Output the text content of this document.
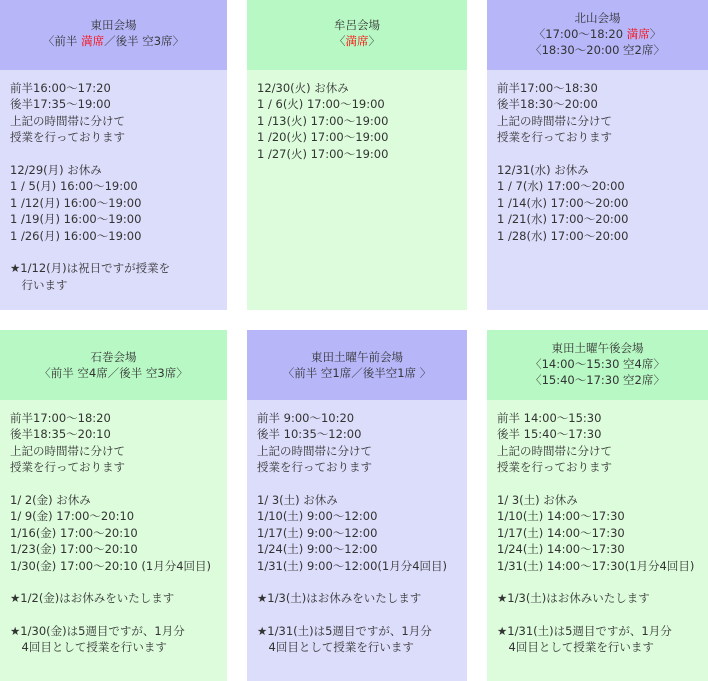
東田会場
〈前半 満席／後半 空3席〉
前半16:00～17:20
後半17:35～19:00
上記の時間帯に分けて
授業を行っております
12/29(月) お休み
1 / 5(月) 16:00～19:00
1 /12(月) 16:00～19:00
1 /19(月) 16:00～19:00
1 /26(月) 16:00～19:00
★1/12(月)は祝日ですが授業を
　行います
牟呂会場
〈満席〉
12/30(火) お休み
1 / 6(火) 17:00～19:00
1 /13(火) 17:00～19:00
1 /20(火) 17:00～19:00
1 /27(火) 17:00～19:00
北山会場
〈17:00～18:20 満席〉
〈18:30～20:00 空2席〉
前半17:00～18:30
後半18:30～20:00
上記の時間帯に分けて
授業を行っております
12/31(水) お休み
1 / 7(水) 17:00～20:00
1 /14(水) 17:00～20:00
1 /21(水) 17:00～20:00
1 /28(水) 17:00～20:00
石巻会場
〈前半 空4席／後半 空3席〉
前半17:00～18:20
後半18:35～20:10
上記の時間帯に分けて
授業を行っております
1/ 2(金) お休み
1/ 9(金) 17:00～20:10
1/16(金) 17:00～20:10
1/23(金) 17:00～20:10
1/30(金) 17:00～20:10 (1月分4回目)
★1/2(金)はお休みをいたします
★1/30(金)は5週目ですが、1月分
　4回目として授業を行います
東田土曜午前会場
〈前半 空1席／後半空1席 〉
前半 9:00～10:20
後半 10:35～12:00
上記の時間帯に分けて
授業を行っております
1/ 3(土) お休み
1/10(土) 9:00～12:00
1/17(土) 9:00～12:00
1/24(土) 9:00～12:00
1/31(土) 9:00～12:00(1月分4回目)
★1/3(土)はお休みをいたします
★1/31(土)は5週目ですが、1月分
　4回目として授業を行います
東田土曜午後会場
〈14:00～15:30 空4席〉
〈15:40～17:30 空2席〉
前半 14:00～15:30
後半 15:40～17:30
上記の時間帯に分けて
授業を行っております
1/ 3(土) お休み
1/10(土) 14:00～17:30
1/17(土) 14:00～17:30
1/24(土) 14:00～17:30
1/31(土) 14:00～17:30(1月分4回目)
★1/3(土)はお休みいたします
★1/31(土)は5週目ですが、1月分
　4回目として授業を行います
